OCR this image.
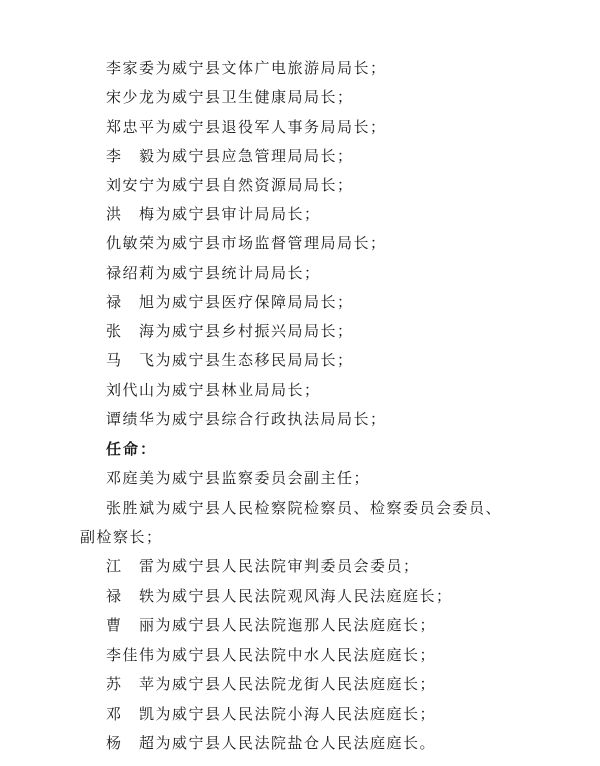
李家委为威宁县文体广电旅游局局长；
宋少龙为威宁县卫生健康局局长；
郑忠平为威宁县退役军人事务局局长；
李　毅为威宁县应急管理局局长；
刘安宁为威宁县自然资源局局长；
洪　梅为威宁县审计局局长；
仇敏荣为威宁县市场监督管理局局长；
禄绍莉为威宁县统计局局长；
禄　旭为威宁县医疗保障局局长；
张　海为威宁县乡村振兴局局长；
马　飞为威宁县生态移民局局长；
刘代山为威宁县林业局局长；
谭绩华为威宁县综合行政执法局局长；
任命：
邓庭美为威宁县监察委员会副主任；
张胜斌为威宁县人民检察院检察员、检察委员会委员、
副检察长；
江　雷为威宁县人民法院审判委员会委员；
禄　轶为威宁县人民法院观风海人民法庭庭长；
曹　丽为威宁县人民法院迤那人民法庭庭长；
李佳伟为威宁县人民法院中水人民法庭庭长；
苏　苹为威宁县人民法院龙街人民法庭庭长；
邓　凯为威宁县人民法院小海人民法庭庭长；
杨　超为威宁县人民法院盐仓人民法庭庭长。
